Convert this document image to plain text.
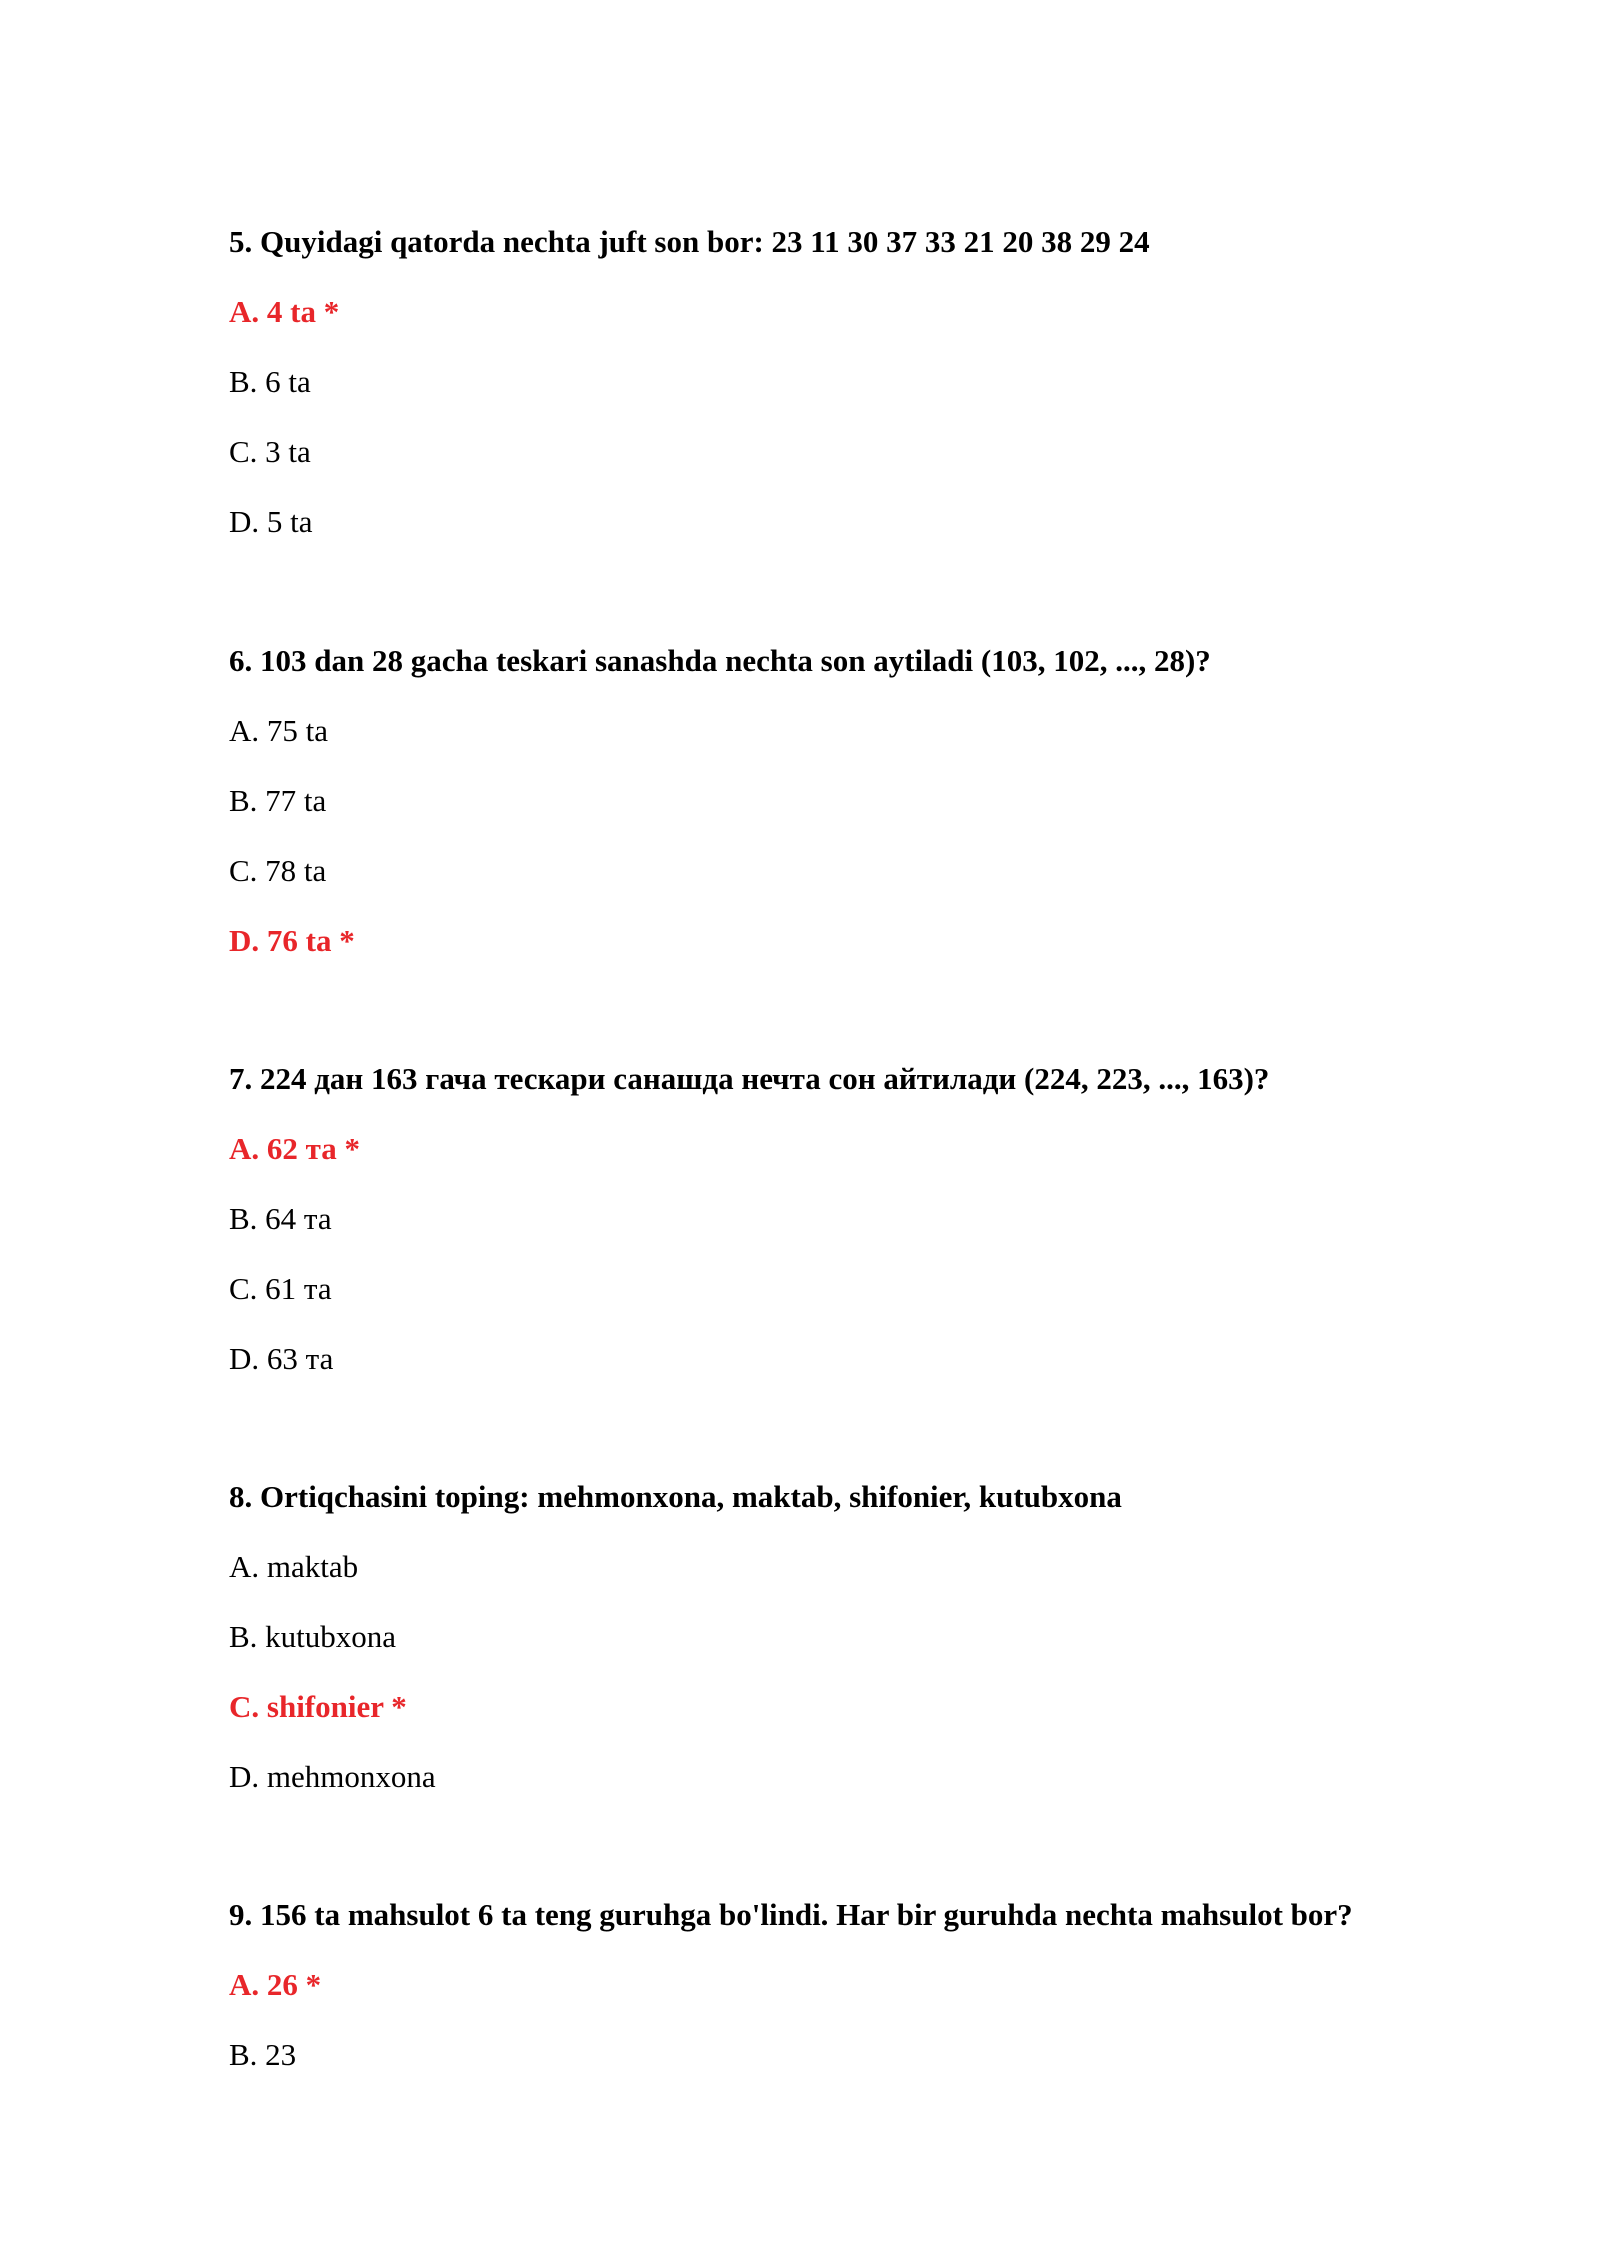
5. Quyidagi qatorda nechta juft son bor: 23 11 30 37 33 21 20 38 29 24
A. 4 ta *
B. 6 ta
C. 3 ta
D. 5 ta
6. 103 dan 28 gacha teskari sanashda nechta son aytiladi (103, 102, ..., 28)?
A. 75 ta
B. 77 ta
C. 78 ta
D. 76 ta *
7. 224 дан 163 гача тескари санашда нечта сон айтилади (224, 223, ..., 163)?
A. 62 та *
B. 64 та
C. 61 та
D. 63 та
8. Ortiqchasini toping: mehmonxona, maktab, shifonier, kutubxona
A. maktab
B. kutubxona
C. shifonier *
D. mehmonxona
9. 156 ta mahsulot 6 ta teng guruhga bo'lindi. Har bir guruhda nechta mahsulot bor?
A. 26 *
B. 23
